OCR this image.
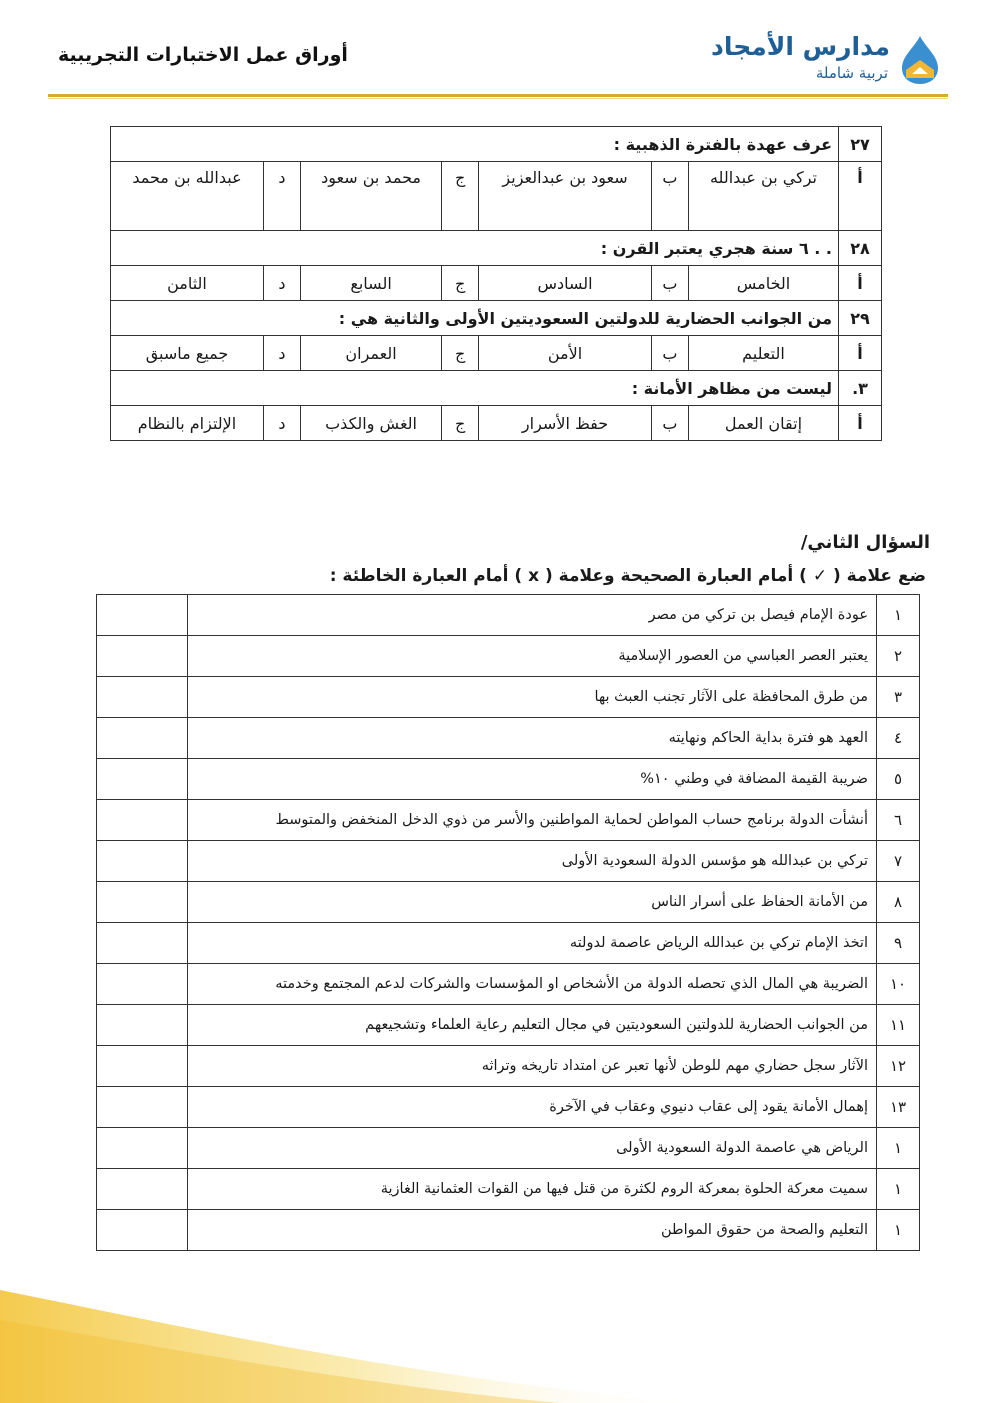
أوراق عمل الاختبارات التجريبية	مدارس الأمجاد
تربية شاملة
٢٧	عرف عهدة بالفترة الذهبية :						
أ	تركي بن عبدالله	ب	سعود بن عبدالعزيز	ج	محمد بن سعود	د	عبدالله بن محمد
٢٨	. . ٦ سنة هجري يعتبر القرن :						
أ	الخامس	ب	السادس	ج	السابع	د	الثامن
٢٩	من الجوانب الحضارية للدولتين السعوديتين الأولى والثانية هي :						
أ	التعليم	ب	الأمن	ج	العمران	د	جميع ماسبق
٣.	ليست من مظاهر الأمانة :						
أ	إتقان العمل	ب	حفظ الأسرار	ج	الغش والكذب	د	الإلتزام بالنظام
السؤال الثاني/
ضع علامة ( ✓ ) أمام العبارة الصحيحة وعلامة ( x ) أمام العبارة الخاطئة :
١	عودة الإمام فيصل بن تركي من مصر	
٢	يعتبر العصر العباسي من العصور الإسلامية	
٣	من طرق المحافظة على الآثار تجنب العبث بها	
٤	العهد هو فترة بداية الحاكم ونهايته	
٥	ضريبة القيمة المضافة في وطني ١٠%	
٦	أنشأت الدولة برنامج حساب المواطن لحماية المواطنين والأسر من ذوي الدخل المنخفض والمتوسط	
٧	تركي بن عبدالله هو مؤسس الدولة السعودية الأولى	
٨	من الأمانة الحفاظ على أسرار الناس	
٩	اتخذ الإمام تركي بن عبدالله الرياض عاصمة لدولته	
١٠	الضريبة هي المال الذي تحصله الدولة من الأشخاص او المؤسسات والشركات لدعم المجتمع وخدمته	
١١	من الجوانب الحضارية للدولتين السعوديتين في مجال التعليم رعاية العلماء وتشجيعهم	
١٢	الآثار سجل حضاري مهم للوطن لأنها تعبر عن امتداد تاريخه وتراثه	
١٣	إهمال الأمانة يقود إلى عقاب دنيوي وعقاب في الآخرة	
١	الرياض هي عاصمة الدولة السعودية الأولى	
١	سميت معركة الحلوة بمعركة الروم لكثرة من قتل فيها من القوات العثمانية الغازية	
١	التعليم والصحة من حقوق المواطن	
